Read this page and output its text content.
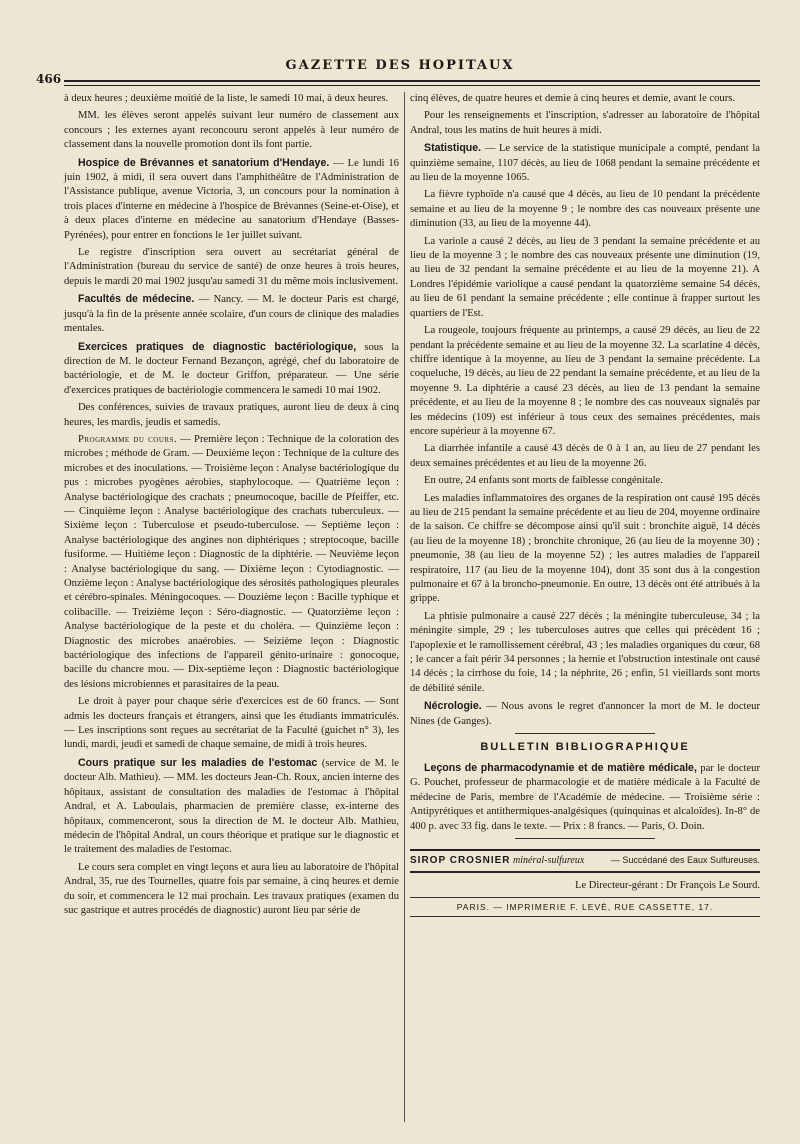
466
GAZETTE DES HOPITAUX

à deux heures ; deuxième moitié de la liste, le samedi 10 mai, à deux heures.

MM. les élèves seront appelés suivant leur numéro de classement aux concours ; les externes ayant reconcouru seront appelés à leur numéro de classement dans la nouvelle promotion dont ils font partie.

Hospice de Brévannes et sanatorium d'Hendaye. — Le lundi 16 juin 1902, à midi, il sera ouvert dans l'amphithéâtre de l'Administration de l'Assistance publique, avenue Victoria, 3, un concours pour la nomination à trois places d'interne en médecine à l'hospice de Brévannes (Seine-et-Oise), et à deux places d'interne en médecine au sanatorium d'Hendaye (Basses-Pyrénées), pour entrer en fonctions le 1er juillet suivant.

Le registre d'inscription sera ouvert au secrétariat général de l'Administration (bureau du service de santé) de onze heures à trois heures, depuis le mardi 20 mai 1902 jusqu'au samedi 31 du même mois inclusivement.

Facultés de médecine. — Nancy. — M. le docteur Paris est chargé, jusqu'à la fin de la présente année scolaire, d'un cours de clinique des maladies mentales.

Exercices pratiques de diagnostic bactériologique, sous la direction de M. le docteur Fernand Bezançon, agrégé, chef du laboratoire de bactériologie, et de M. le docteur Griffon, préparateur. — Une série d'exercices pratiques de bactériologie commencera le samedi 10 mai 1902.

Des conférences, suivies de travaux pratiques, auront lieu de deux à cinq heures, les mardis, jeudis et samedis.

Programme du cours. — Première leçon : Technique de la coloration des microbes ; méthode de Gram. — Deuxième leçon : Technique de la culture des microbes et des inoculations. — Troisième leçon : Analyse bactériologique du pus : microbes pyogènes aérobies, staphylocoque. — Quatrième leçon : Analyse bactériologique des crachats ; pneumocoque, bacille de Pfeiffer, etc. — Cinquième leçon : Analyse bactériologique des crachats tuberculeux. — Sixième leçon : Tuberculose et pseudo-tuberculose. — Septième leçon : Analyse bactériologique des angines non diphtériques ; streptocoque, bacille fusiforme. — Huitième leçon : Diagnostic de la diphtérie. — Neuvième leçon : Analyse bactériologique du sang. — Dixième leçon : Cytodiagnostic. — Onzième leçon : Analyse bactériologique des sérosités pathologiques pleurales et cérébro-spinales. Méningocoques. — Douzième leçon : Bacille typhique et colibacille. — Treizième leçon : Séro-diagnostic. — Quatorzième leçon : Analyse bactériologique de la peste et du choléra. — Quinzième leçon : Diagnostic des microbes anaérobies. — Seizième leçon : Diagnostic bactériologique des infections de l'appareil génito-urinaire : gonocoque, bacille du chancre mou. — Dix-septième leçon : Diagnostic bactériologique des lésions microbiennes et parasitaires de la peau.

Le droit à payer pour chaque série d'exercices est de 60 francs. — Sont admis les docteurs français et étrangers, ainsi que les étudiants immatriculés. — Les inscriptions sont reçues au secrétariat de la Faculté (guichet n° 3), les lundi, mardi, jeudi et samedi de chaque semaine, de midi à trois heures.

Cours pratique sur les maladies de l'estomac (service de M. le docteur Alb. Mathieu). — MM. les docteurs Jean-Ch. Roux, ancien interne des hôpitaux, assistant de consultation des maladies de l'estomac à l'hôpital Andral, et A. Laboulais, pharmacien de première classe, ex-interne des hôpitaux, commenceront, sous la direction de M. le docteur Alb. Mathieu, médecin de l'hôpital Andral, un cours théorique et pratique sur le diagnostic et le traitement des maladies de l'estomac.

Le cours sera complet en vingt leçons et aura lieu au laboratoire de l'hôpital Andral, 35, rue des Tournelles, quatre fois par semaine, à cinq heures et demie du soir, et commencera le 12 mai prochain. Les travaux pratiques (examen du suc gastrique et autres procédés de diagnostic) auront lieu par série de

cinq élèves, de quatre heures et demie à cinq heures et demie, avant le cours.

Pour les renseignements et l'inscription, s'adresser au laboratoire de l'hôpital Andral, tous les matins de huit heures à midi.

Statistique. — Le service de la statistique municipale a compté, pendant la quinzième semaine, 1107 décès, au lieu de 1068 pendant la semaine précédente et au lieu de la moyenne 1065.

La fièvre typhoïde n'a causé que 4 décès, au lieu de 10 pendant la précédente semaine et au lieu de la moyenne 9 ; le nombre des cas nouveaux présente une diminution (33, au lieu de la moyenne 44).

La variole a causé 2 décès, au lieu de 3 pendant la semaine précédente et au lieu de la moyenne 3 ; le nombre des cas nouveaux présente une diminution (19, au lieu de 32 pendant la semaine précédente et au lieu de la moyenne 21). A Londres l'épidémie variolique a causé pendant la quatorzième semaine 54 décès, au lieu de 61 pendant la semaine précédente ; elle continue à frapper surtout les quartiers de l'Est.

La rougeole, toujours fréquente au printemps, a causé 29 décès, au lieu de 22 pendant la précédente semaine et au lieu de la moyenne 32. La scarlatine 4 décès, chiffre identique à la moyenne, au lieu de 3 pendant la semaine précédente. La coqueluche, 19 décès, au lieu de 22 pendant la semaine précédente, et au lieu de la moyenne 9. La diphtérie a causé 23 décès, au lieu de 13 pendant la semaine précédente, et au lieu de la moyenne 8 ; le nombre des cas nouveaux signalés par les médecins (109) est inférieur à tous ceux des semaines précédentes, mais encore supérieur à la moyenne 67.

La diarrhée infantile a causé 43 décès de 0 à 1 an, au lieu de 27 pendant les deux semaines précédentes et au lieu de la moyenne 26.

En outre, 24 enfants sont morts de faiblesse congénitale.

Les maladies inflammatoires des organes de la respiration ont causé 195 décès au lieu de 215 pendant la semaine précédente et au lieu de 204, moyenne ordinaire de la saison. Ce chiffre se décompose ainsi qu'il suit : bronchite aiguë, 14 décès (au lieu de la moyenne 18) ; bronchite chronique, 26 (au lieu de la moyenne 30) ; pneumonie, 38 (au lieu de la moyenne 52) ; les autres maladies de l'appareil respiratoire, 117 (au lieu de la moyenne 104), dont 35 sont dus à la congestion pulmonaire et 67 à la broncho-pneumonie. En outre, 13 décès ont été attribués à la grippe.

La phtisie pulmonaire a causé 227 décès ; la méningite tuberculeuse, 34 ; la méningite simple, 29 ; les tuberculoses autres que celles qui précèdent 16 ; l'apoplexie et le ramollissement cérébral, 43 ; les maladies organiques du cœur, 68 ; le cancer a fait périr 34 personnes ; la hernie et l'obstruction intestinale ont causé 14 décès ; la cirrhose du foie, 14 ; la néphrite, 26 ; enfin, 51 vieillards sont morts de débilité sénile.

Nécrologie. — Nous avons le regret d'annoncer la mort de M. le docteur Nines (de Ganges).

BULLETIN BIBLIOGRAPHIQUE

Leçons de pharmacodynamie et de matière médicale, par le docteur G. Pouchet, professeur de pharmacologie et de matière médicale à la Faculté de médecine de Paris, membre de l'Académie de médecine. — Troisième série : Antipyrétiques et antithermiques-analgésiques (quinquinas et alcaloïdes). In-8° de 400 p. avec 33 fig. dans le texte. — Prix : 8 francs. — Paris, O. Doin.

SIROP CROSNIER minéral-sulfureux	— Succédané des Eaux Sulfureuses.
Le Directeur-gérant : Dr François Le Sourd.
PARIS. — IMPRIMERIE F. LEVÉ, RUE CASSETTE, 17.
